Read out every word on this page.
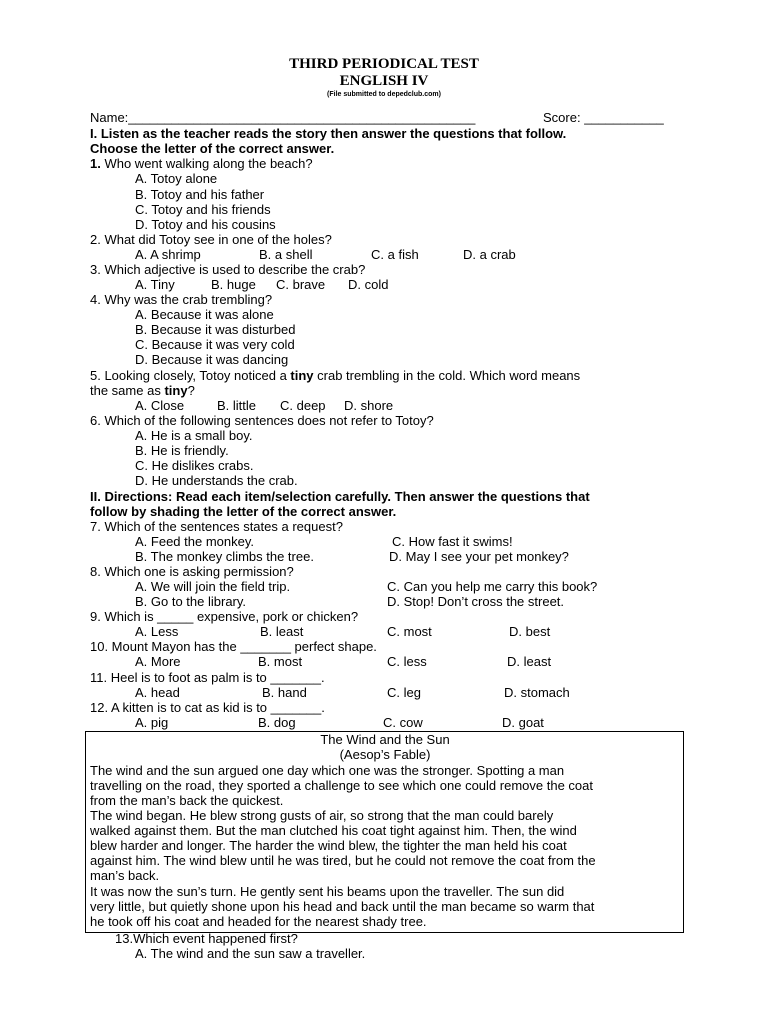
THIRD PERIODICAL TEST
ENGLISH IV
(File submitted to depedclub.com)
Name:________________________________________________	Score: ___________
I. Listen as the teacher reads the story then answer the questions that follow.
Choose the letter of the correct answer.
1. Who went walking along the beach?
A. Totoy alone
B. Totoy and his father
C. Totoy and his friends
D. Totoy and his cousins
2. What did Totoy see in one of the holes?
A. A shrimp	B. a shell	C. a fish	D. a crab
3. Which adjective is used to describe the crab?
A. Tiny	B. huge C. brave D. cold
4. Why was the crab trembling?
A. Because it was alone
B. Because it was disturbed
C. Because it was very cold
D. Because it was dancing
5. Looking closely, Totoy noticed a tiny crab trembling in the cold. Which word means
the same as tiny?
A. Close	B. little C. deep D. shore
6. Which of the following sentences does not refer to Totoy?
A. He is a small boy.
B. He is friendly.
C. He dislikes crabs.
D. He understands the crab.
II. Directions: Read each item/selection carefully. Then answer the questions that
follow by shading the letter of the correct answer.
7. Which of the sentences states a request?
A. Feed the monkey.	C. How fast it swims!
B. The monkey climbs the tree.	D. May I see your pet monkey?
8. Which one is asking permission?
A. We will join the field trip.	C. Can you help me carry this book?
B. Go to the library.	D. Stop! Don’t cross the street.
9. Which is _____ expensive, pork or chicken?
A. Less	B. least	C. most	D. best
10. Mount Mayon has the _______ perfect shape.
A. More	B. most	C. less	D. least
11. Heel is to foot as palm is to _______.
A. head	B. hand	C. leg	D. stomach
12. A kitten is to cat as kid is to _______.
A. pig	B. dog	C. cow	D. goat
The Wind and the Sun
(Aesop’s Fable)
The wind and the sun argued one day which one was the stronger. Spotting a man
travelling on the road, they sported a challenge to see which one could remove the coat
from the man’s back the quickest.
The wind began. He blew strong gusts of air, so strong that the man could barely
walked against them. But the man clutched his coat tight against him. Then, the wind
blew harder and longer. The harder the wind blew, the tighter the man held his coat
against him. The wind blew until he was tired, but he could not remove the coat from the
man’s back.
It was now the sun’s turn. He gently sent his beams upon the traveller. The sun did
very little, but quietly shone upon his head and back until the man became so warm that
he took off his coat and headed for the nearest shady tree.
13.Which event happened first?
A. The wind and the sun saw a traveller.
